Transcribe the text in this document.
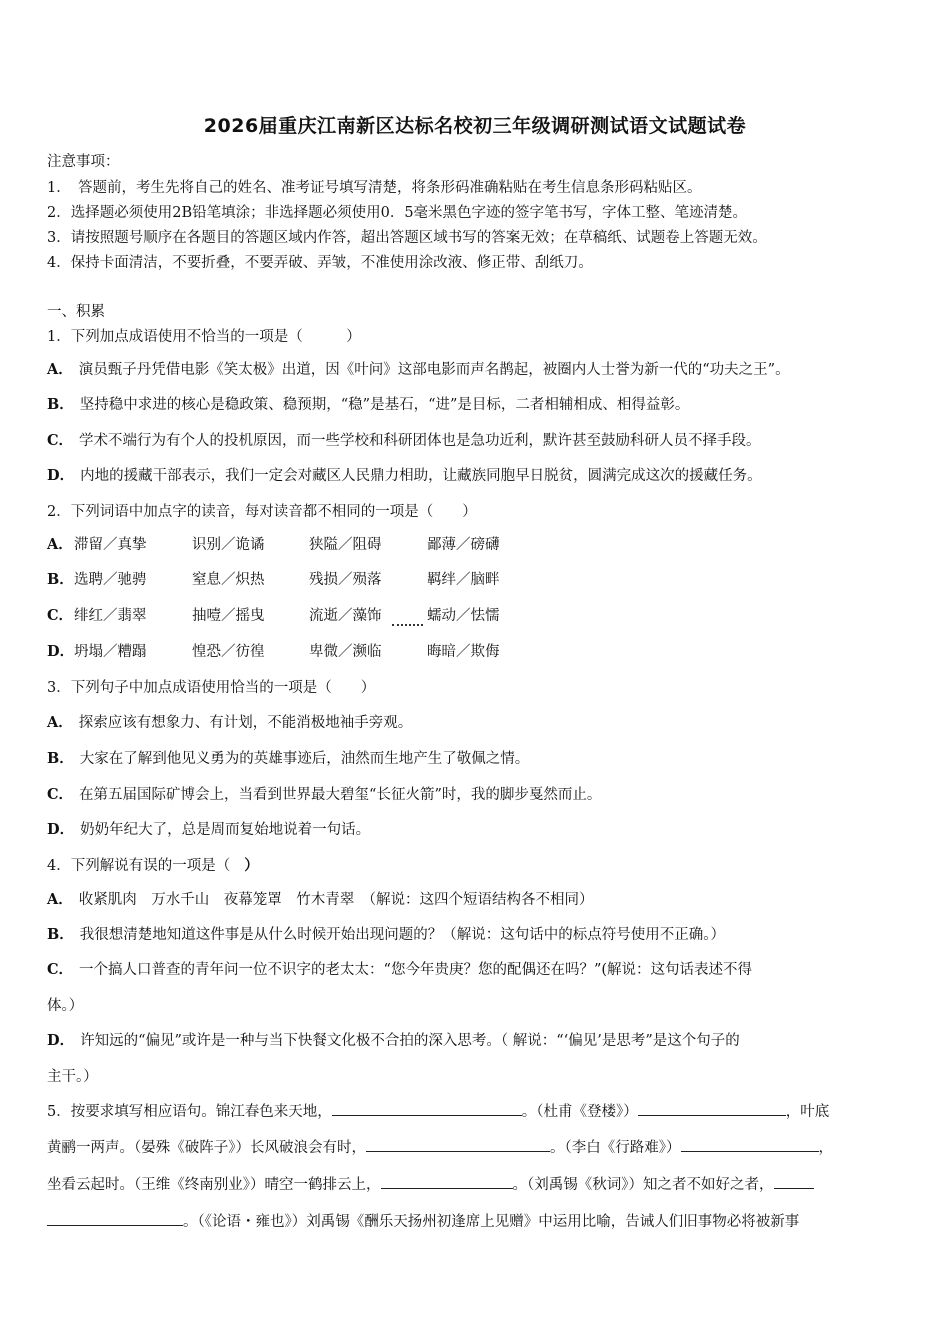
2026届重庆江南新区达标名校初三年级调研测试语文试题试卷
注意事项：
1．　答题前，考生先将自己的姓名、准考证号填写清楚，将条形码准确粘贴在考生信息条形码粘贴区。
2．选择题必须使用2B铅笔填涂；非选择题必须使用0．5毫米黑色字迹的签字笔书写，字体工整、笔迹清楚。
3．请按照题号顺序在各题目的答题区域内作答，超出答题区域书写的答案无效；在草稿纸、试题卷上答题无效。
4．保持卡面清洁，不要折叠，不要弄破、弄皱，不准使用涂改液、修正带、刮纸刀。
一、积累
1．下列加点成语使用不恰当的一项是（　　　）
A． 演员甄子丹凭借电影《笑太极》出道，因《叶问》这部电影而声名鹊起，被圈内人士誉为新一代的“功夫之王”。
B． 坚持稳中求进的核心是稳政策、稳预期，“稳”是基石，“进”是目标，二者相辅相成、相得益彰。
C． 学术不端行为有个人的投机原因，而一些学校和科研团体也是急功近利，默许甚至鼓励科研人员不择手段。
D． 内地的援藏干部表示，我们一定会对藏区人民鼎力相助，让藏族同胞早日脱贫，圆满完成这次的援藏任务。
2．下列词语中加点字的读音，每对读音都不相同的一项是（　　）
A． 滞留／真挚	识别／诡谲	狭隘／阻碍	鄙薄／磅礴
B． 选聘／驰骋	窒息／炽热	残损／殒落	羁绊／脑畔
C． 绯红／翡翠	抽噎／摇曳	流逝／藻饰	蠕动／怯懦
D． 坍塌／糟蹋	惶恐／彷徨	卑微／濒临	晦暗／欺侮
3．下列句子中加点成语使用恰当的一项是（　　）
A． 探索应该有想象力、有计划，不能消极地袖手旁观。
B． 大家在了解到他见义勇为的英雄事迹后，油然而生地产生了敬佩之情。
C． 在第五届国际矿博会上，当看到世界最大碧玺“长征火箭”时，我的脚步戛然而止。
D． 奶奶年纪大了，总是周而复始地说着一句话。
4．下列解说有误的一项是（ ）
A． 收紧肌肉　万水千山　夜幕笼罩　竹木青翠　（解说：这四个短语结构各不相同）
B． 我很想清楚地知道这件事是从什么时候开始出现问题的？（解说：这句话中的标点符号使用不正确。）
C． 一个搞人口普查的青年问一位不识字的老太太：“您今年贵庚？您的配偶还在吗？”(解说：这句话表述不得
体。）
D． 许知远的“偏见”或许是一种与当下快餐文化极不合拍的深入思考。（ 解说：“‘偏见’是思考”是这个句子的
主干。）
5．按要求填写相应语句。锦江春色来天地，	。（杜甫《登楼》）	，叶底
黄鹂一两声。（晏殊《破阵子》）长风破浪会有时，	。（李白《行路难》）	，
坐看云起时。（王维《终南别业》）晴空一鹤排云上，	。（刘禹锡《秋词》）知之者不如好之者，
。（《论语・雍也》）刘禹锡《酬乐天扬州初逢席上见赠》中运用比喻，告诫人们旧事物必将被新事
